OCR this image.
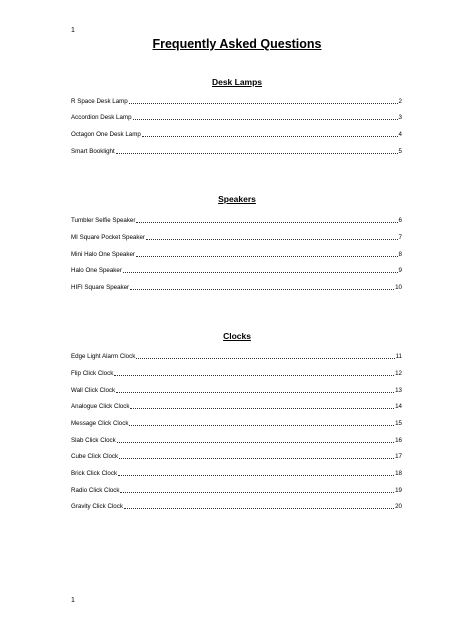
1
Frequently Asked Questions
Desk Lamps
R Space Desk Lamp	2
Accordion Desk Lamp	3
Octagon One Desk Lamp	4
Smart Booklight	5
Speakers
Tumbler Selfie Speaker	6
MI Square Pocket Speaker	7
Mini Halo One Speaker	8
Halo One Speaker	9
HIFI Square Speaker	10
Clocks
Edge Light Alarm Clock	11
Flip Click Clock	12
Wall Click Clock	13
Analogue Click Clock	14
Message Click Clock	15
Slab Click Clock	16
Cube Click Clock	17
Brick Click Clock	18
Radio Click Clock	19
Gravity Click Clock	20
1
